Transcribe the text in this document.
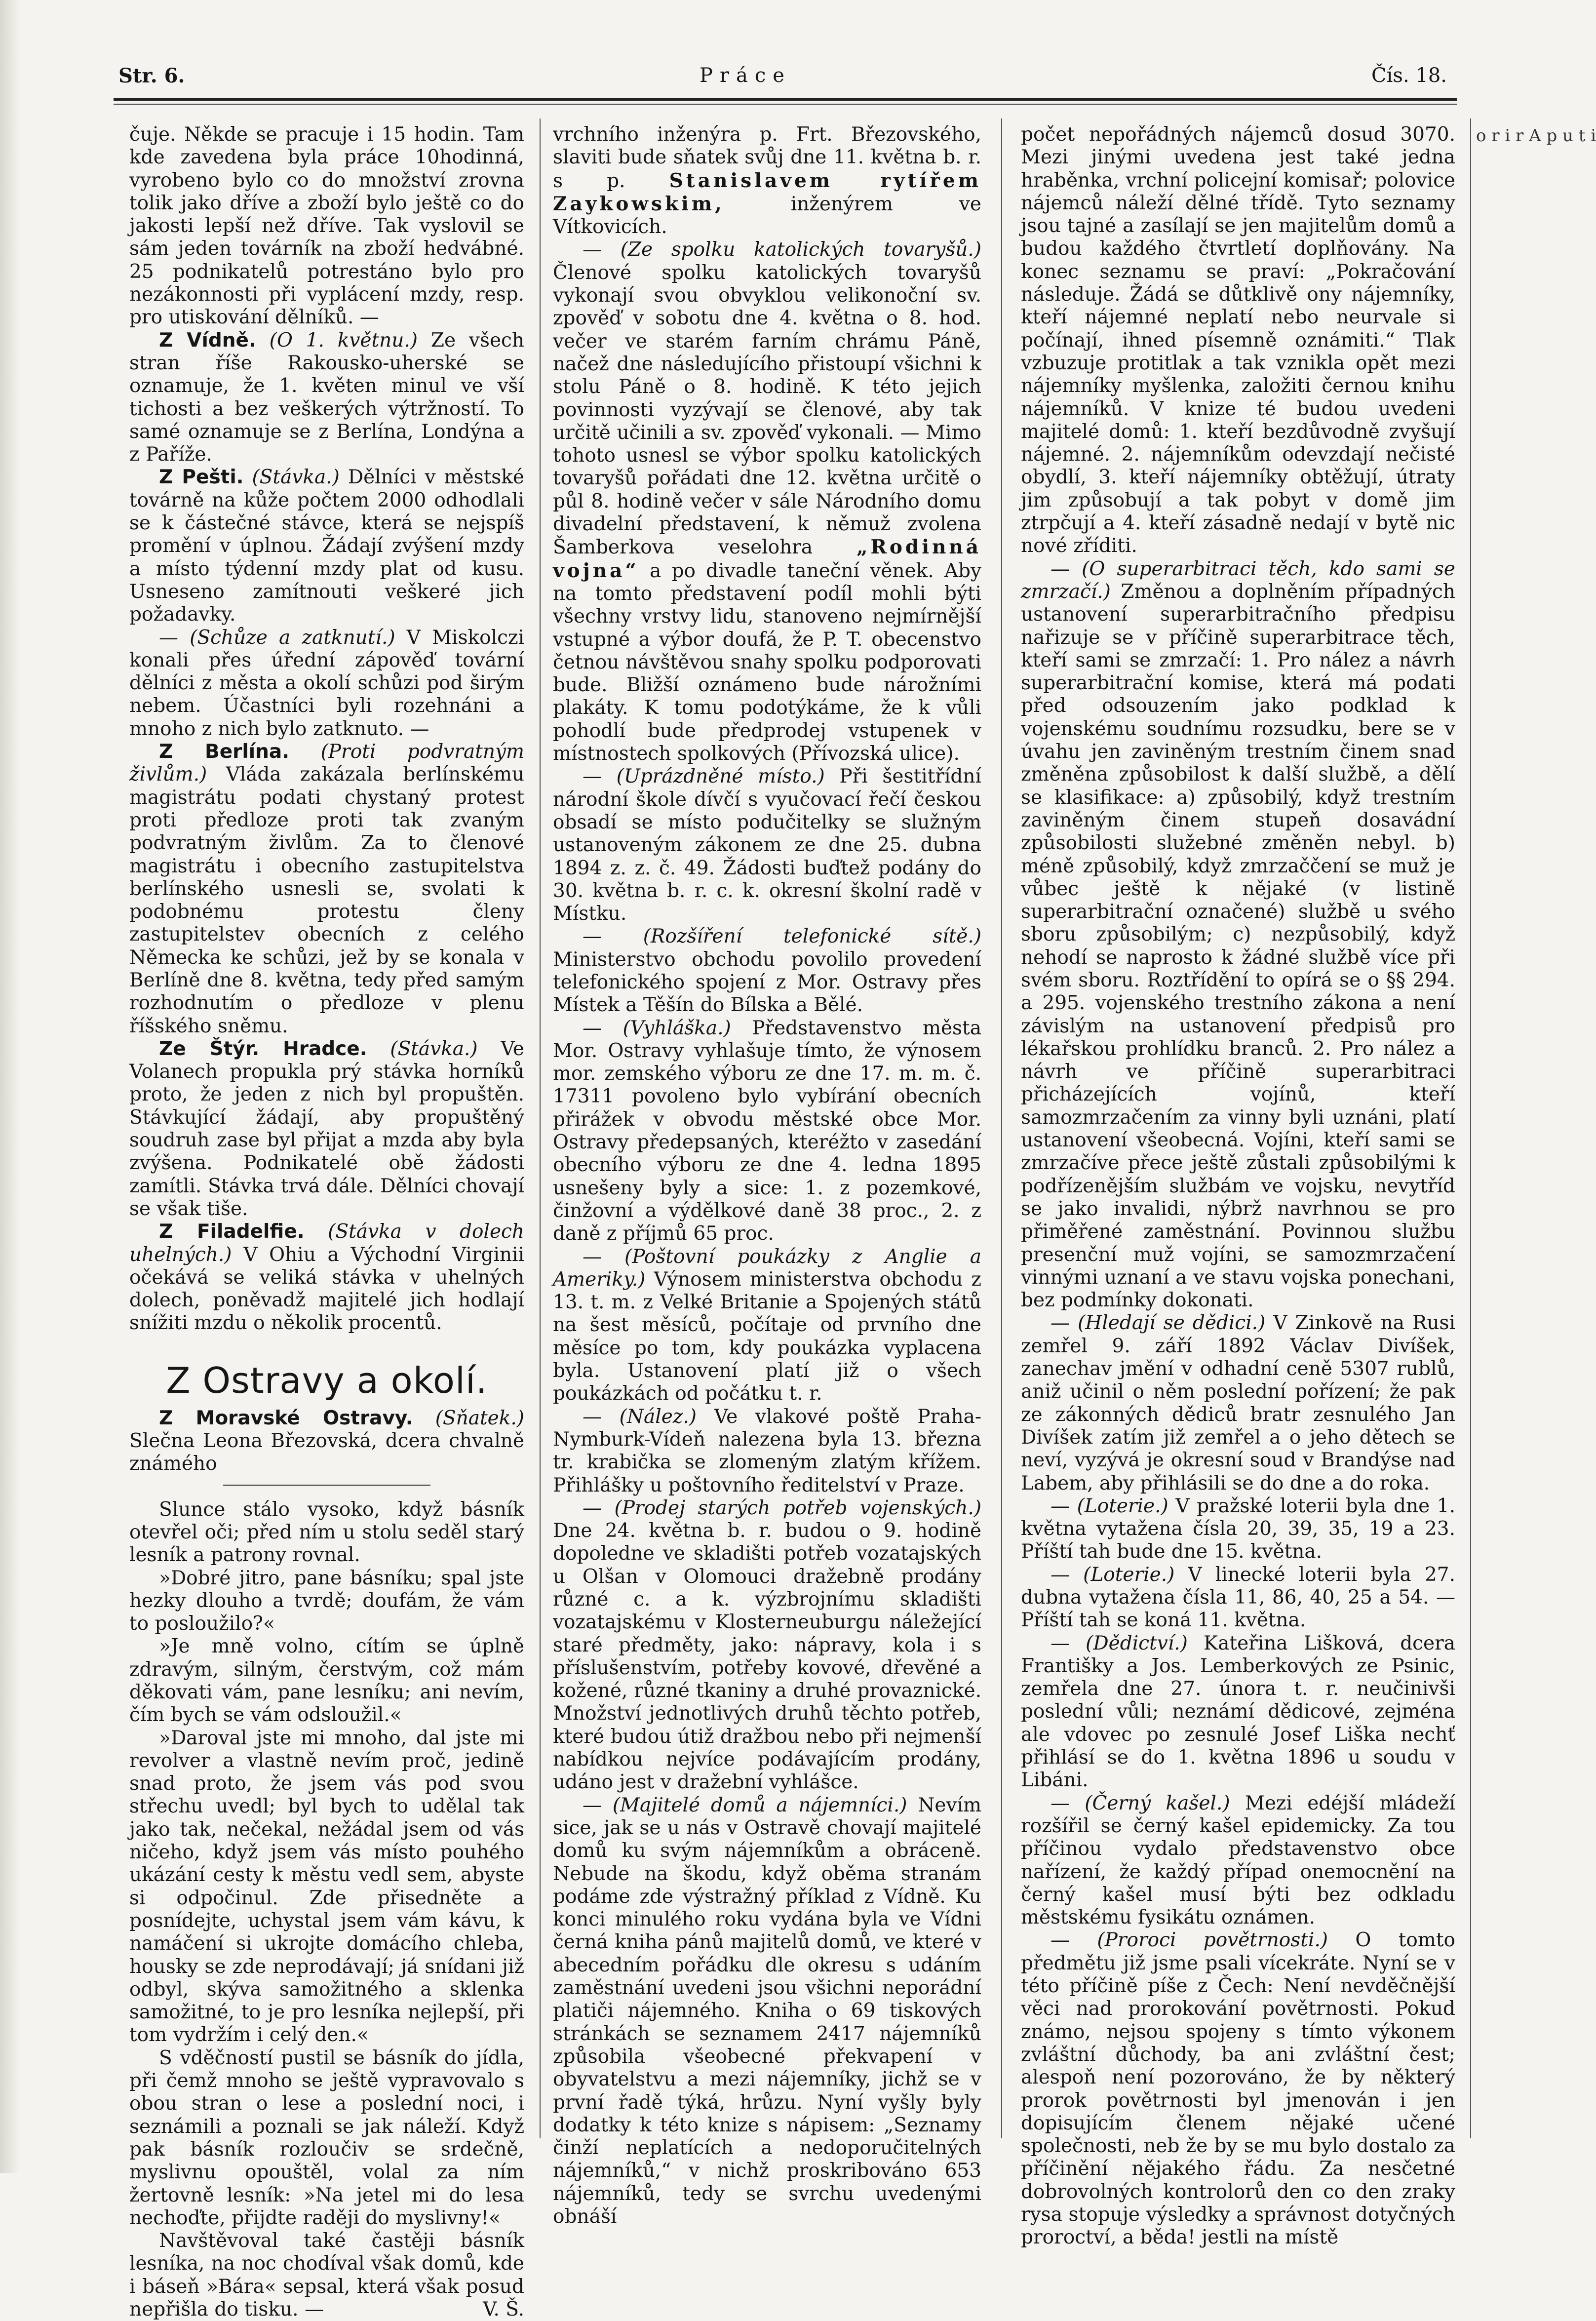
Str. 6.	Práce	Čís. 18.

čuje. Někde se pracuje i 15 hodin. Tam kde zavedena byla práce 10hodinná, vyrobeno bylo co do množství zrovna tolik jako dříve a zboží bylo ještě co do jakosti lepší než dříve. Tak vyslovil se sám jeden továrník na zboží hedvábné. 25 podnikatelů potrestáno bylo pro nezákonnosti při vyplácení mzdy, resp. pro utiskování dělníků. —

Z Vídně. (O 1. květnu.) Ze všech stran říše Rakousko-uherské se oznamuje, že 1. květen minul ve vší tichosti a bez veškerých výtržností. To samé oznamuje se z Berlína, Londýna a z Paříže.

Z Pešti. (Stávka.) Dělníci v městské továrně na kůže počtem 2000 odhodlali se k částečné stávce, která se nejspíš promění v úplnou. Žádají zvýšení mzdy a místo týdenní mzdy plat od kusu. Usneseno zamítnouti veškeré jich požadavky.

— (Schůze a zatknutí.) V Miskolczi konali přes úřední zápověď tovární dělníci z města a okolí schůzi pod širým nebem. Účastníci byli rozehnáni a mnoho z nich bylo zatknuto. —

Z Berlína. (Proti podvratným živlům.) Vláda zakázala berlínskému magistrátu podati chystaný protest proti předloze proti tak zvaným podvratným živlům. Za to členové magistrátu i obecního zastupitelstva berlínského usnesli se, svolati k podobnému protestu členy zastupitelstev obecních z celého Německa ke schůzi, jež by se konala v Berlíně dne 8. května, tedy před samým rozhodnutím o předloze v plenu říšského sněmu.

Ze Štýr. Hradce. (Stávka.) Ve Volanech propukla prý stávka horníků proto, že jeden z nich byl propuštěn. Stávkující žádají, aby propuštěný soudruh zase byl přijat a mzda aby byla zvýšena. Podnikatelé obě žádosti zamítli. Stávka trvá dále. Dělníci chovají se však tiše.

Z Filadelfie. (Stávka v dolech uhelných.) V Ohiu a Východní Virginii očekává se veliká stávka v uhelných dolech, poněvadž majitelé jich hodlají snížiti mzdu o několik procentů.

Z Ostravy a okolí.

Z Moravské Ostravy. (Sňatek.) Slečna Leona Březovská, dcera chvalně známého

Slunce stálo vysoko, když básník otevřel oči; před ním u stolu seděl starý lesník a patrony rovnal.

»Dobré jitro, pane básníku; spal jste hezky dlouho a tvrdě; doufám, že vám to posloužilo?«

»Je mně volno, cítím se úplně zdravým, silným, čerstvým, což mám děkovati vám, pane lesníku; ani nevím, čím bych se vám odsloužil.«

»Daroval jste mi mnoho, dal jste mi revolver a vlastně nevím proč, jedině snad proto, že jsem vás pod svou střechu uvedl; byl bych to udělal tak jako tak, nečekal, nežádal jsem od vás ničeho, když jsem vás místo pouhého ukázání cesty k městu vedl sem, abyste si odpočinul. Zde přisedněte a posnídejte, uchystal jsem vám kávu, k namáčení si ukrojte domácího chleba, housky se zde neprodávají; já snídani již odbyl, skýva samožitného a sklenka samožitné, to je pro lesníka nejlepší, při tom vydržím i celý den.«

S vděčností pustil se básník do jídla, při čemž mnoho se ještě vypravovalo s obou stran o lese a poslední noci, i seznámili a poznali se jak náleží. Když pak básník rozloučiv se srdečně, myslivnu opouštěl, volal za ním žertovně lesník: »Na jetel mi do lesa nechoďte, přijdte raději do myslivny!«

Navštěvoval také častěji básník lesníka, na noc chodíval však domů, kde i báseň »Bára« sepsal, která však posud nepřišla do tisku. —	V. Š.

vrchního inženýra p. Frt. Březovského, slaviti bude sňatek svůj dne 11. května b. r. s p. Stanislavem rytířem Zaykowskim,	inženýrem ve Vítkovicích.

— (Ze spolku katolických tovaryšů.) Členové spolku katolických tovaryšů vykonají svou obvyklou velikonoční sv. zpověď v sobotu dne 4. května o 8. hod. večer ve starém farním chrámu Páně, načež dne následujícího přistoupí všichni k stolu Páně o 8. hodině. K této jejich povinnosti vyzývají se členové, aby tak určitě učinili a sv. zpověď vykonali. — Mimo tohoto usnesl se výbor spolku katolických tovaryšů pořádati dne 12. května určitě o půl 8. hodině večer v sále Národního domu divadelní představení, k němuž zvolena Šamberkova veselohra „Rodinná vojna“ a po divadle taneční věnek. Aby na tomto představení podíl mohli býti všechny vrstvy lidu, stanoveno nejmírnější vstupné a výbor doufá, že P. T. obecenstvo četnou návštěvou snahy spolku podporovati bude. Bližší oznámeno bude nárožními plakáty. K tomu podotýkáme, že k vůli pohodlí bude předprodej vstupenek v místnostech spolkových (Přívozská ulice).

— (Uprázdněné místo.) Při šestitřídní národní škole dívčí s vyučovací řečí českou obsadí se místo podučitelky se služným ustanoveným zákonem ze dne 25. dubna 1894 z. z. č. 49. Žádosti buďtež podány do 30. května b. r. c. k. okresní školní radě v Místku.

— (Rozšíření telefonické sítě.) Ministerstvo obchodu povolilo provedení telefonického spojení z Mor. Ostravy přes Místek a Těšín do Bílska a Bělé.

— (Vyhláška.) Představenstvo města Mor. Ostravy vyhlašuje tímto, že výnosem mor. zemského výboru ze dne 17. m. m. č. 17311 povoleno bylo vybírání obecních přirážek v obvodu městské obce Mor. Ostravy předepsaných, kteréžto v zasedání obecního výboru ze dne 4. ledna 1895 usnešeny byly a sice: 1. z pozemkové, činžovní a výdělkové daně 38 proc., 2. z daně z příjmů 65 proc.

— (Poštovní poukázky z Anglie a Ameriky.) Výnosem ministerstva obchodu z 13. t. m. z Velké Britanie a Spojených států na šest měsíců, počítaje od prvního dne měsíce po tom, kdy poukázka vyplacena byla. Ustanovení platí již o všech poukázkách od počátku t. r.

— (Nález.) Ve vlakové poště Praha-Nymburk-Vídeň nalezena byla 13. března tr. krabička se zlomeným zlatým křížem. Přihlášky u poštovního ředitelství v Praze.

— (Prodej starých potřeb vojenských.) Dne 24. května b. r. budou o 9. hodině dopoledne ve skladišti potřeb vozatajských u Olšan v Olomouci dražebně prodány různé c. a k. výzbrojnímu skladišti vozatajskému v Klosterneuburgu náležející staré předměty, jako: nápravy, kola i s příslušenstvím, potřeby kovové, dřevěné a kožené, různé tkaniny a druhé provaznické. Množství jednotlivých druhů těchto potřeb, které budou útiž dražbou nebo při nejmenší nabídkou nejvíce podávajícím prodány, udáno jest v dražební vyhlášce.

— (Majitelé domů a nájemníci.) Nevím sice, jak se u nás v Ostravě chovají majitelé domů ku svým nájemníkům a obráceně. Nebude na škodu, když oběma stranám podáme zde výstražný příklad z Vídně. Ku konci minulého roku vydána byla ve Vídni černá kniha pánů majitelů domů, ve které v abecedním pořádku dle okresu s udáním zaměstnání uvedeni jsou všichni neporádní platiči nájemného. Kniha o 69 tiskových stránkách se seznamem 2417 nájemníků způsobila všeobecné překvapení v obyvatelstvu a mezi nájemníky, jichž se v první řadě týká, hrůzu. Nyní vyšly byly dodatky k této knize s nápisem: „Seznamy činží neplatících a nedoporučitelných nájemníků,“ v nichž proskribováno 653 nájemníků, tedy se svrchu uvedenými obnáší

počet nepořádných nájemců dosud 3070. Mezi jinými uvedena jest také jedna hraběnka, vrchní policejní komisař; polovice nájemců náleží dělné třídě. Tyto seznamy jsou tajné a zasílají se jen majitelům domů a budou každého čtvrtletí doplňovány. Na konec seznamu se praví: „Pokračování následuje. Žádá se důtklivě ony nájemníky, kteří nájemné neplatí nebo neurvale si počínají, ihned písemně oznámiti.“ Tlak vzbuzuje protitlak a tak vznikla opět mezi nájemníky myšlenka, založiti černou knihu nájemníků. V knize té budou uvedeni majitelé domů: 1. kteří bezdůvodně zvyšují nájemné. 2. nájemníkům odevzdají nečisté obydlí, 3. kteří nájemníky obtěžují, útraty jim způsobují a tak pobyt v domě jim ztrpčují a 4. kteří zásadně nedají v bytě nic nové zříditi.

— (O superarbitraci těch, kdo sami se zmrzačí.) Změnou a doplněním případných ustanovení superarbitračního předpisu nařizuje se v příčině superarbitrace těch, kteří sami se zmrzačí: 1. Pro nález a návrh superarbitrační komise, která má podati před odsouzením jako podklad k vojenskému soudnímu rozsudku, bere se v úvahu jen zaviněným trestním činem snad změněna způsobilost k další službě, a dělí se klasifikace: a) způsobilý, když trestním zaviněným činem stupeň dosavádní způsobilosti služebné změněn nebyl. b) méně způsobilý, když zmrzaččení se muž je vůbec ještě k nějaké (v listině superarbitrační označené) službě u svého sboru způsobilým; c) nezpůsobilý, když nehodí se naprosto k žádné službě více při svém sboru. Roztřídění to opírá se o §§ 294. a 295. vojenského trestního zákona a není závislým na ustanovení předpisů pro lékařskou prohlídku branců. 2. Pro nález a návrh ve příčině superarbitraci přicházejících vojínů, kteří samozmrzačením za vinny byli uznáni, platí ustanovení všeobecná. Vojíni, kteří sami se zmrzačíve přece ještě zůstali způsobilými k podřízenějším službám ve vojsku, nevytříd se jako invalidi, nýbrž navrhnou se pro přiměřené zaměstnání. Povinnou službu presenční muž vojíni, se samozmrzačení vinnými uznaní a ve stavu vojska ponechani, bez podmínky dokonati.

— (Hledají se dědici.) V Zinkově na Rusi zemřel 9. září 1892 Václav Divíšek, zanechav jmění v odhadní ceně 5307 rublů, aniž učinil o něm poslední pořízení; že pak ze zákonných dědiců bratr zesnulého Jan Divíšek zatím již zemřel a o jeho dětech se neví, vyzývá je okresní soud v Brandýse nad Labem, aby přihlásili se do dne a do roka.

— (Loterie.) V pražské loterii byla dne 1. května vytažena čísla 20, 39, 35, 19 a 23. Příští tah bude dne 15. května.

— (Loterie.) V linecké loterii byla 27. dubna vytažena čísla 11, 86, 40, 25 a 54. — Příští tah se koná 11. května.

— (Dědictví.) Kateřina Lišková, dcera Františky a Jos. Lemberkových ze Psinic, zemřela dne 27. února t. r. neučinivši poslední vůli; neznámí dědicové, zejména ale vdovec po zesnulé Josef Liška nechť přihlásí se do 1. května 1896 u soudu v Libáni.

— (Černý kašel.) Mezi edéjší mládeží rozšířil se černý kašel epidemicky. Za tou příčinou vydalo představenstvo obce nařízení, že každý případ onemocnění na černý kašel musí býti bez odkladu městskému fysikátu oznámen.

— (Proroci povětrnosti.) O tomto předmětu již jsme psali vícekráte. Nyní se v této příčině píše z Čech: Není nevděčnější věci nad prorokování povětrnosti. Pokud známo, nejsou spojeny s tímto výkonem zvláštní důchody, ba ani zvláštní čest; alespoň není pozorováno, že by některý prorok povětrnosti byl jmenován i jen dopisujícím členem nějaké učené společnosti, neb že by se mu bylo dostalo za příčinění nějakého řádu. Za nesčetné dobrovolných kontrolorů den co den zraky rysa stopuje výsledky a správnost dotyčných proroctví, a běda! jestli na místě

o r i r A p u t i
